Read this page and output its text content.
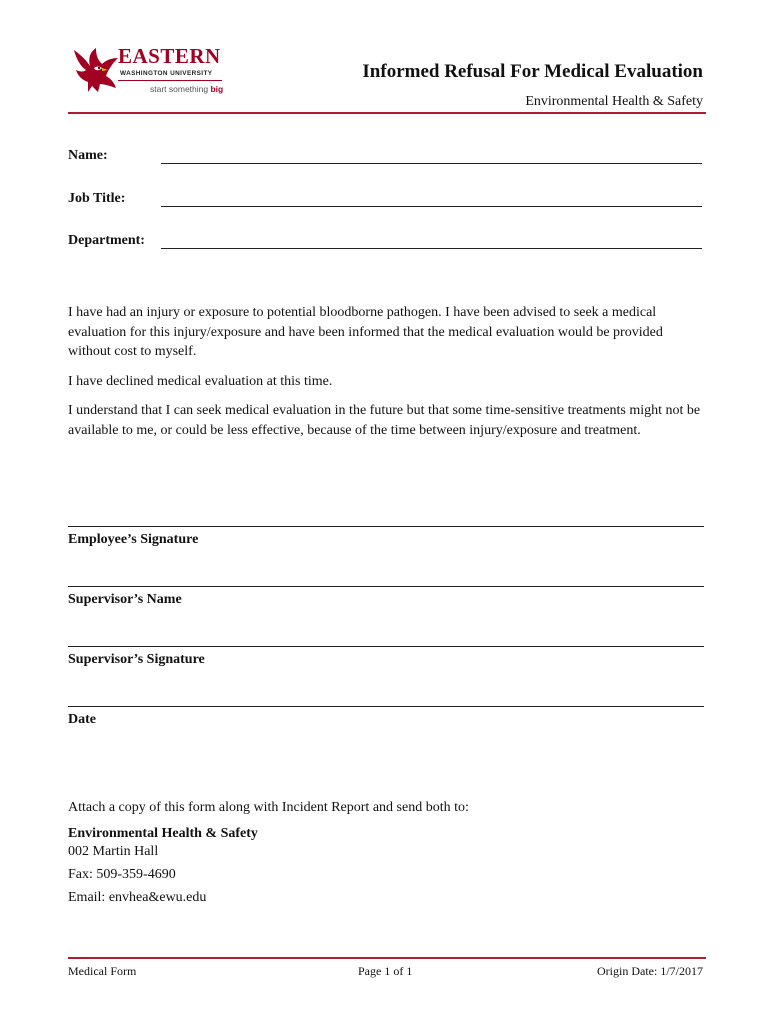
EASTERN
WASHINGTON UNIVERSITY
start something big
Informed Refusal For Medical Evaluation
Environmental Health & Safety
Name:
Job Title:
Department:

I have had an injury or exposure to potential bloodborne pathogen. I have been advised to seek a medical evaluation for this injury/exposure and have been informed that the medical evaluation would be provided without cost to myself.

I have declined medical evaluation at this time.

I understand that I can seek medical evaluation in the future but that some time-sensitive treatments might not be available to me, or could be less effective, because of the time between injury/exposure and treatment.

Employee’s Signature
Supervisor’s Name
Supervisor’s Signature
Date
Attach a copy of this form along with Incident Report and send both to:
Environmental Health & Safety
002 Martin Hall
Fax: 509-359-4690
Email: envhea&ewu.edu
Medical Form	Page 1 of 1	Origin Date: 1/7/2017
